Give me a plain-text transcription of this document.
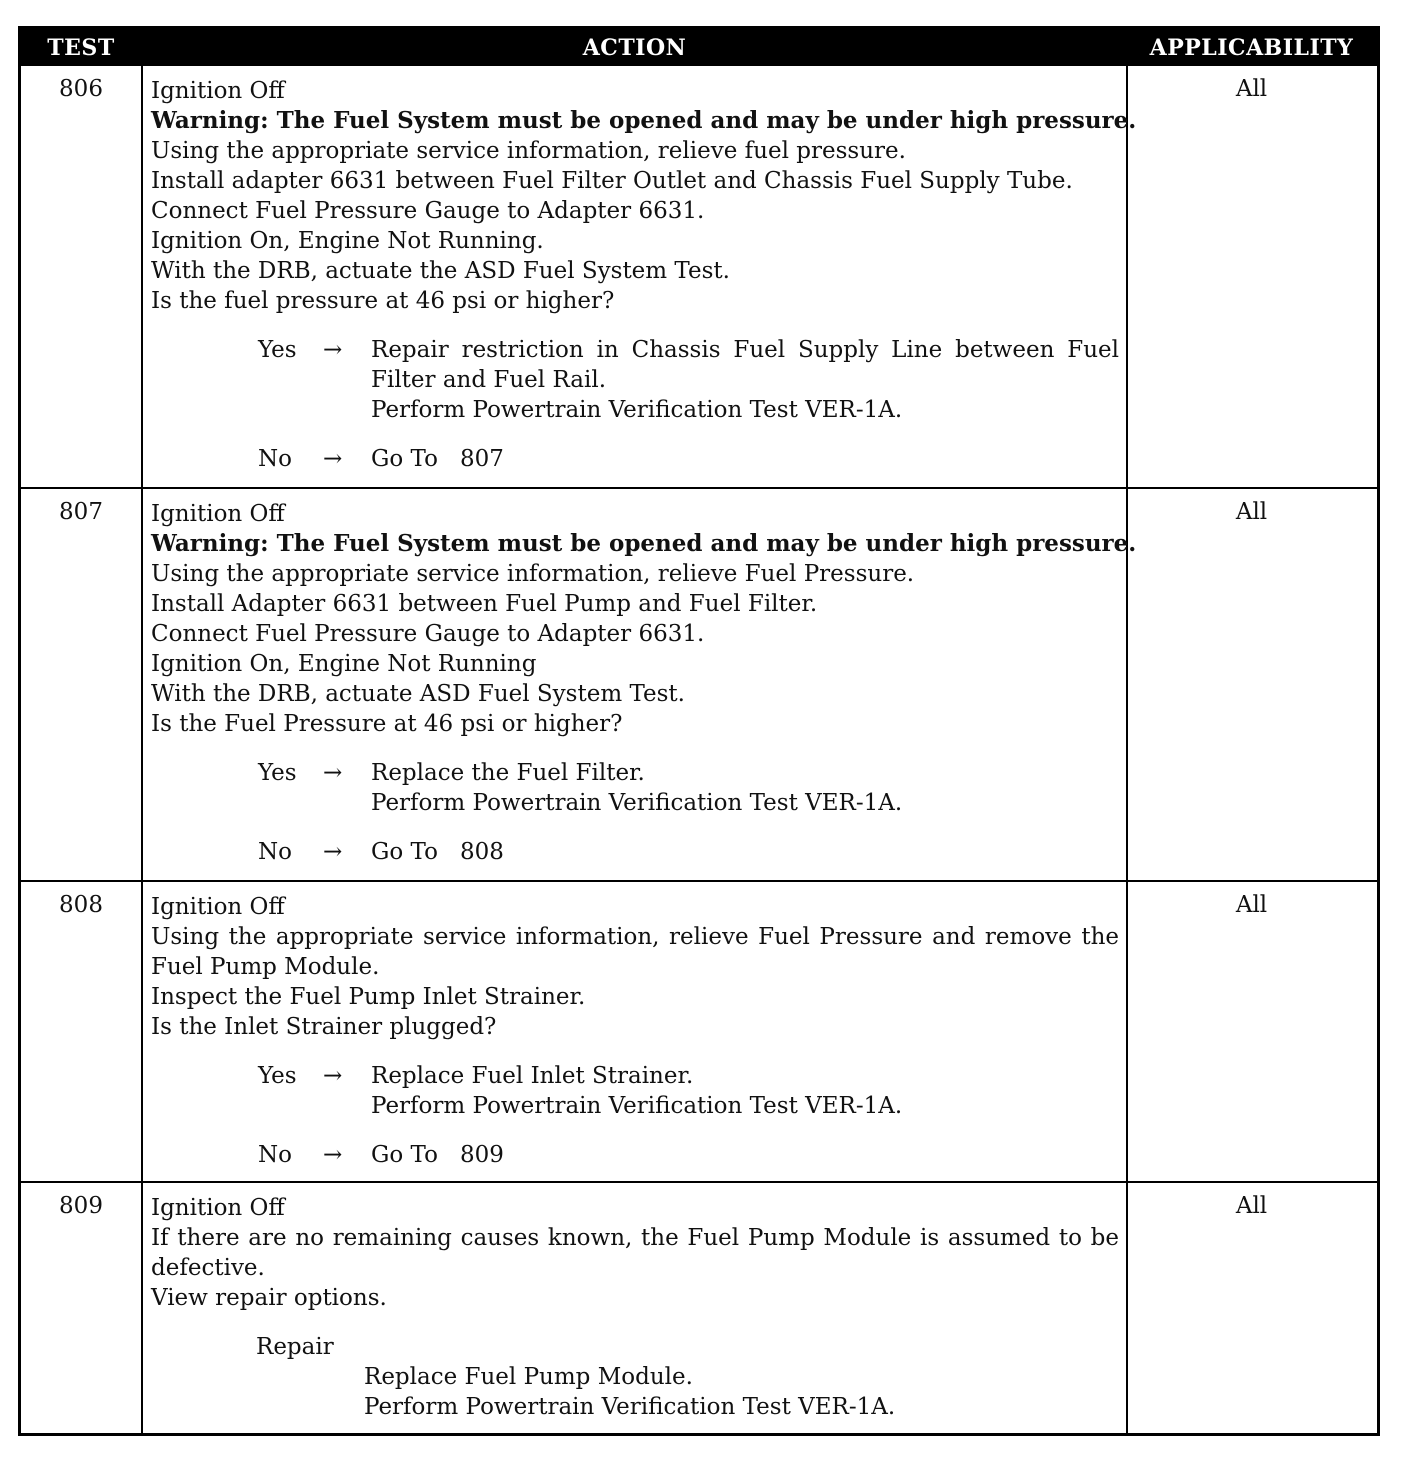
TEST	ACTION	APPLICABILITY
806	Ignition Off
Warning: The Fuel System must be opened and may be under high pressure.
Using the appropriate service information, relieve fuel pressure.
Install adapter 6631 between Fuel Filter Outlet and Chassis Fuel Supply Tube.
Connect Fuel Pressure Gauge to Adapter 6631.
Ignition On, Engine Not Running.
With the DRB, actuate the ASD Fuel System Test.
Is the fuel pressure at 46 psi or higher?
Yes → Repair restriction in Chassis Fuel Supply Line between Fuel Filter and Fuel Rail.
Perform Powertrain Verification Test VER-1A.
No → Go To 807
All
807	Ignition Off
Warning: The Fuel System must be opened and may be under high pressure.
Using the appropriate service information, relieve Fuel Pressure.
Install Adapter 6631 between Fuel Pump and Fuel Filter.
Connect Fuel Pressure Gauge to Adapter 6631.
Ignition On, Engine Not Running
With the DRB, actuate ASD Fuel System Test.
Is the Fuel Pressure at 46 psi or higher?
Yes → Replace the Fuel Filter.
Perform Powertrain Verification Test VER-1A.
No → Go To 808
All
808	Ignition Off
Using the appropriate service information, relieve Fuel Pressure and remove the Fuel Pump Module.
Inspect the Fuel Pump Inlet Strainer.
Is the Inlet Strainer plugged?
Yes → Replace Fuel Inlet Strainer.
Perform Powertrain Verification Test VER-1A.
No → Go To 809
All
809	Ignition Off
If there are no remaining causes known, the Fuel Pump Module is assumed to be defective.
View repair options.
Repair
Replace Fuel Pump Module.
Perform Powertrain Verification Test VER-1A.
All
